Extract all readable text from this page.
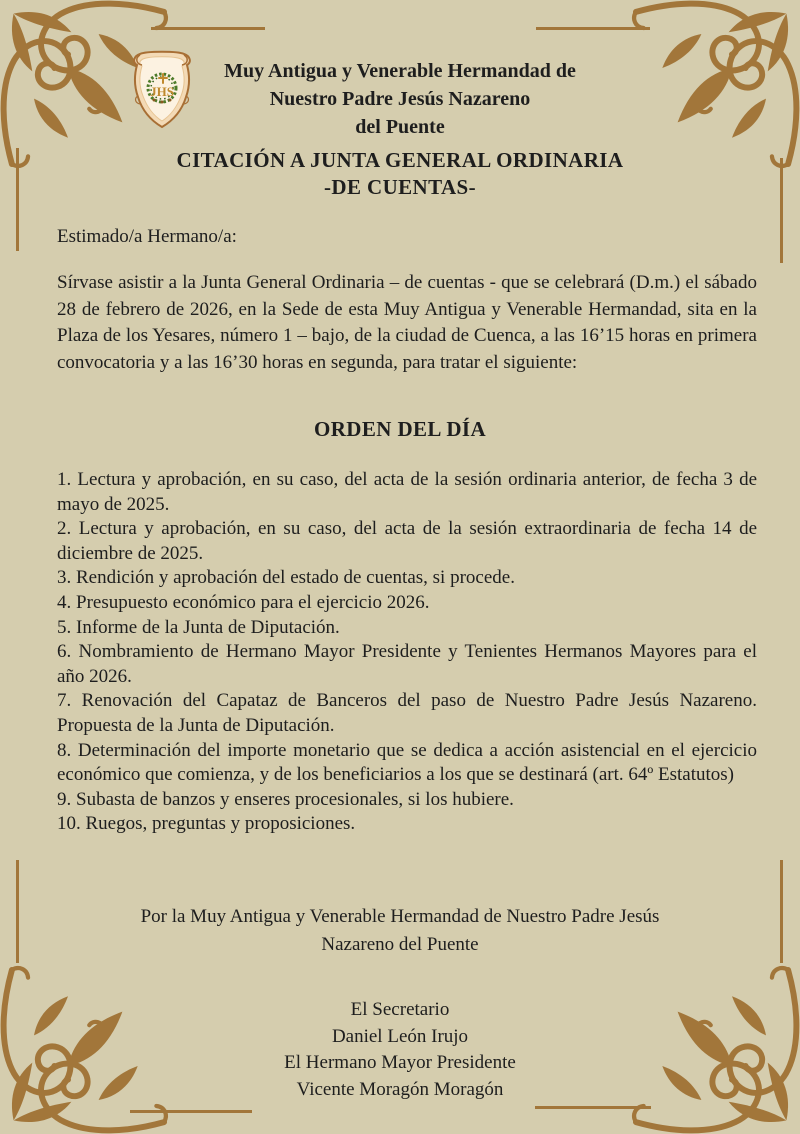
JHS
Muy Antigua y Venerable Hermandad de
Nuestro Padre Jesús Nazareno
del Puente
CITACIÓN A JUNTA GENERAL ORDINARIA
-DE CUENTAS-

Estimado/a Hermano/a:

Sírvase asistir a la Junta General Ordinaria – de cuentas - que se celebrará (D.m.) el sábado 28 de febrero de 2026, en la Sede de esta Muy Antigua y Venerable Hermandad, sita en la Plaza de los Yesares, número 1 – bajo, de la ciudad de Cuenca, a las 16’15 horas en primera convocatoria y a las 16’30 horas en segunda, para tratar el siguiente:

ORDEN DEL DÍA

1. Lectura y aprobación, en su caso, del acta de la sesión ordinaria anterior, de fecha 3 de mayo de 2025.

2. Lectura y aprobación, en su caso, del acta de la sesión extraordinaria de fecha 14 de diciembre de 2025.

3. Rendición y aprobación del estado de cuentas, si procede.

4. Presupuesto económico para el ejercicio 2026.

5. Informe de la Junta de Diputación.

6. Nombramiento de Hermano Mayor Presidente y Tenientes Hermanos Mayores para el año 2026.

7. Renovación del Capataz de Banceros del paso de Nuestro Padre Jesús Nazareno. Propuesta de la Junta de Diputación.

8. Determinación del importe monetario que se dedica a acción asistencial en el ejercicio económico que comienza, y de los beneficiarios a los que se destinará (art. 64º Estatutos)

9. Subasta de banzos y enseres procesionales, si los hubiere.

10. Ruegos, preguntas y proposiciones.

Por la Muy Antigua y Venerable Hermandad de Nuestro Padre Jesús
Nazareno del Puente
El Secretario
Daniel León Irujo
El Hermano Mayor Presidente
Vicente Moragón Moragón
